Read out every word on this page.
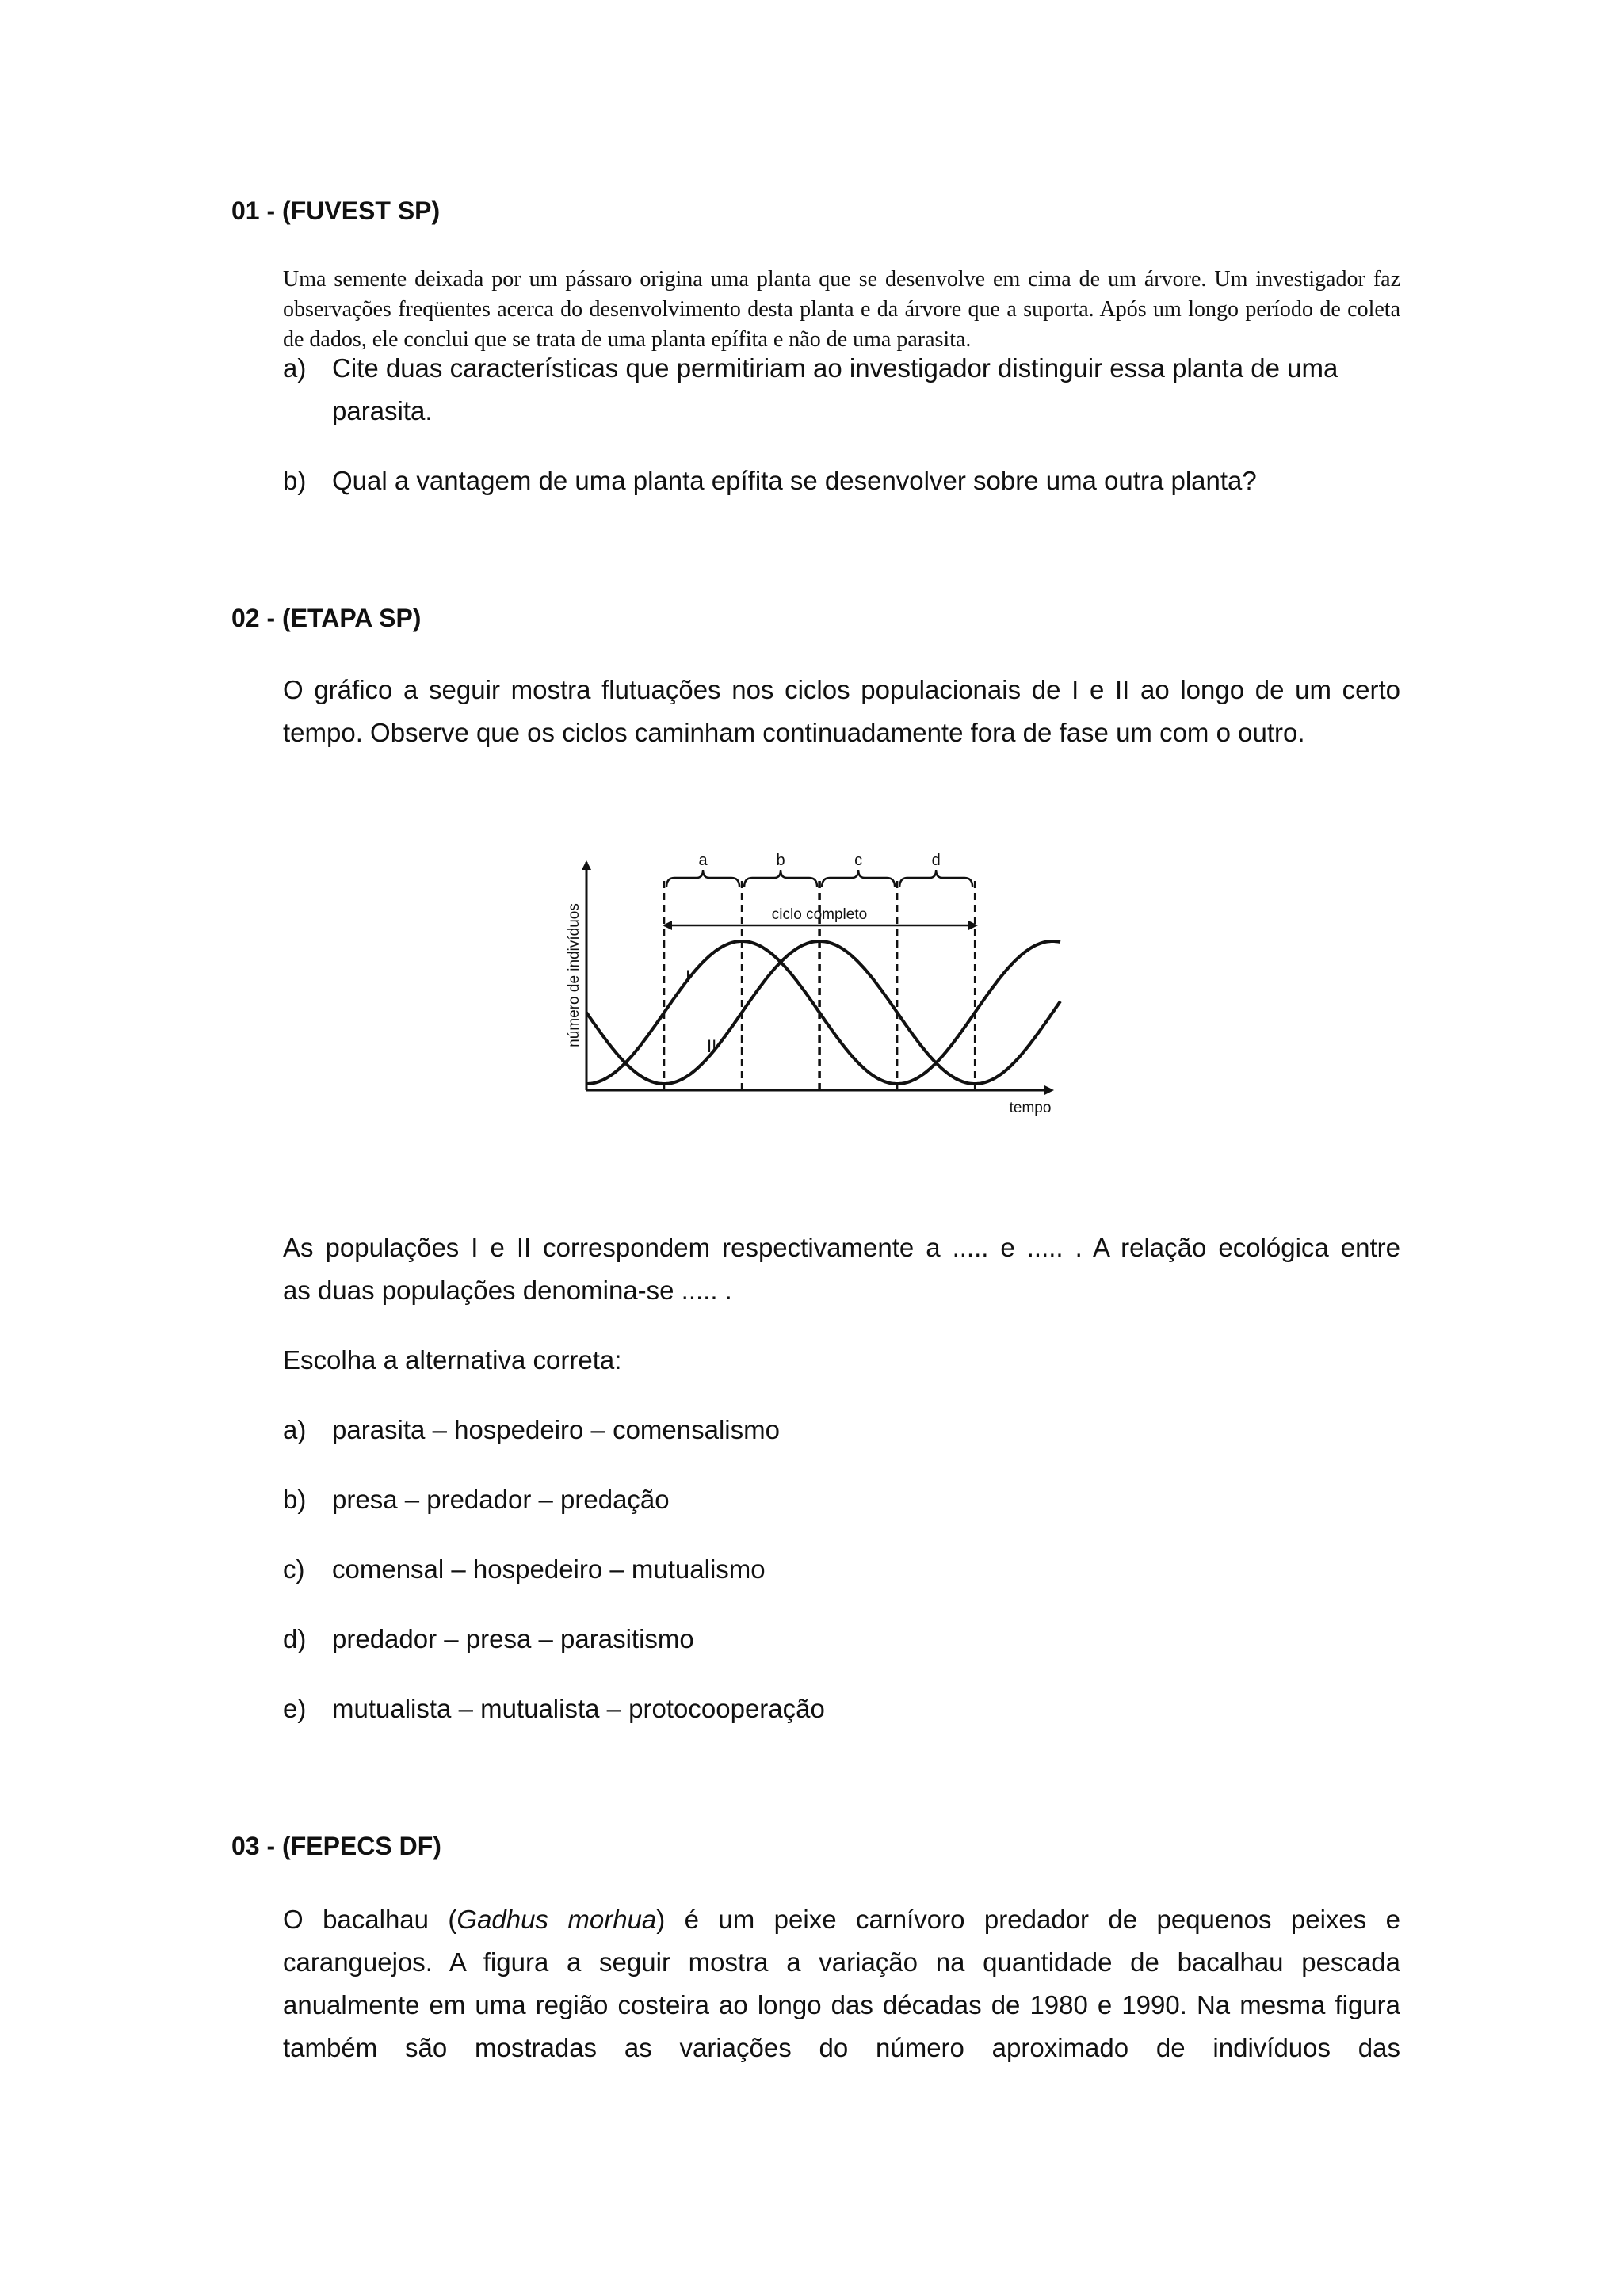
01 - (FUVEST SP)
Uma semente deixada por um pássaro origina uma planta que se desenvolve em cima de um árvore. Um investigador faz observações freqüentes acerca do desenvolvimento desta planta e da árvore que a suporta. Após um longo período de coleta de dados, ele conclui que se trata de uma planta epífita e não de uma parasita.
a) Cite duas características que permitiriam ao investigador distinguir essa planta de uma parasita.
b) Qual a vantagem de uma planta epífita se desenvolver sobre uma outra planta?
02 - (ETAPA SP)
O gráfico a seguir mostra flutuações nos ciclos populacionais de I e II ao longo de um certo
tempo. Observe que os ciclos caminham continuadamente fora de fase um com o outro.
número de indivíduos
tempo
a	b	c	d
ciclo completo
I
II
As populações I e II correspondem respectivamente a ..... e ..... . A relação ecológica entre
as duas populações denomina-se ..... .
Escolha a alternativa correta:
a) parasita – hospedeiro – comensalismo
b) presa – predador – predação
c) comensal – hospedeiro – mutualismo
d) predador – presa – parasitismo
e) mutualista – mutualista – protocooperação
03 - (FEPECS DF)
O bacalhau (Gadhus morhua) é um peixe carnívoro predador de pequenos peixes e caranguejos. A figura a seguir mostra a variação na quantidade de bacalhau pescada anualmente em uma região costeira ao longo das décadas de 1980 e 1990. Na mesma figura também são mostradas as variações do número aproximado de indivíduos das
